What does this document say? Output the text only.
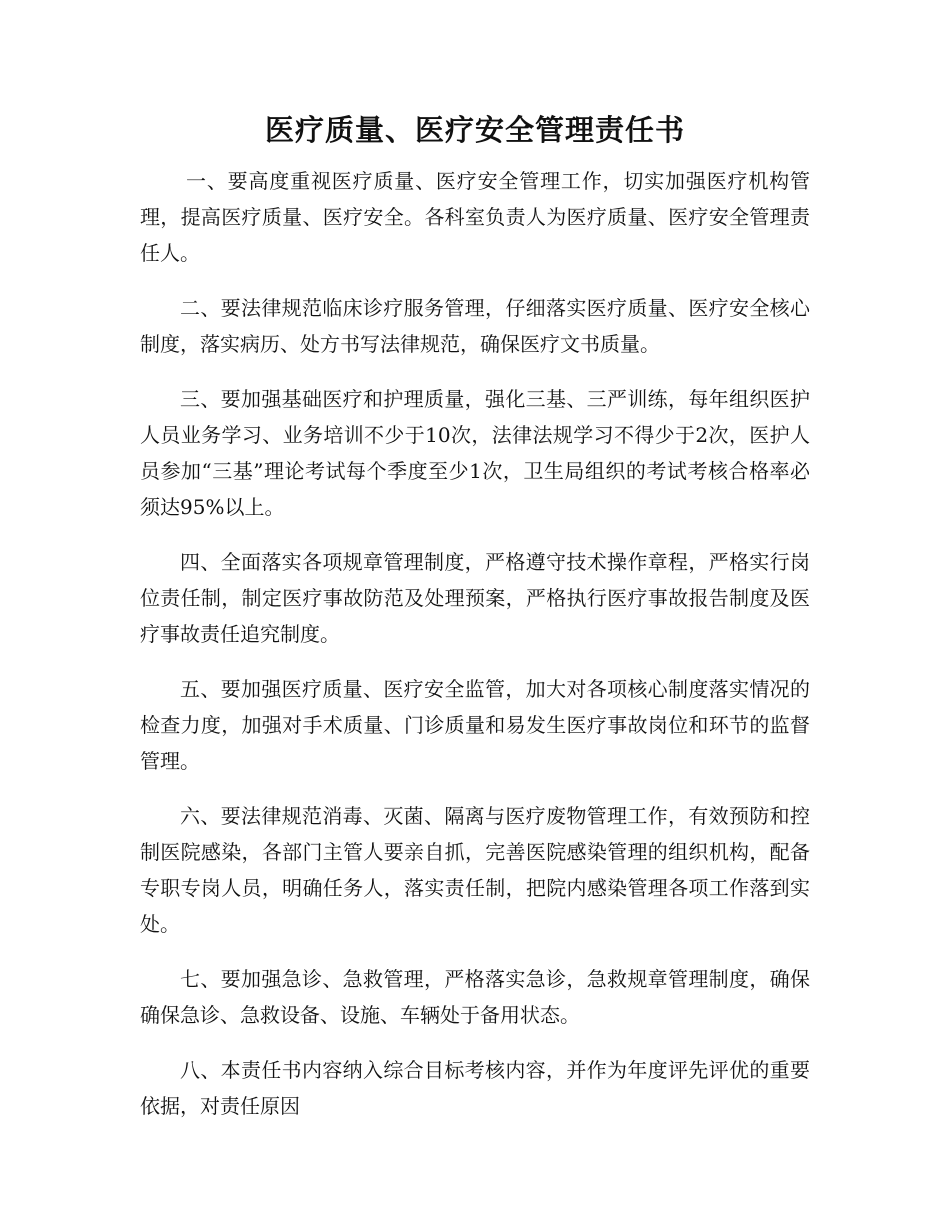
医疗质量、医疗安全管理责任书

一、要高度重视医疗质量、医疗安全管理工作，切实加强医疗机构管理，提高医疗质量、医疗安全。各科室负责人为医疗质量、医疗安全管理责任人。

二、要法律规范临床诊疗服务管理，仔细落实医疗质量、医疗安全核心制度，落实病历、处方书写法律规范，确保医疗文书质量。

三、要加强基础医疗和护理质量，强化三基、三严训练，每年组织医护人员业务学习、业务培训不少于10次，法律法规学习不得少于2次，医护人员参加“三基”理论考试每个季度至少1次，卫生局组织的考试考核合格率必须达95%以上。

四、全面落实各项规章管理制度，严格遵守技术操作章程，严格实行岗位责任制，制定医疗事故防范及处理预案，严格执行医疗事故报告制度及医疗事故责任追究制度。

五、要加强医疗质量、医疗安全监管，加大对各项核心制度落实情况的检查力度，加强对手术质量、门诊质量和易发生医疗事故岗位和环节的监督管理。

六、要法律规范消毒、灭菌、隔离与医疗废物管理工作，有效预防和控制医院感染，各部门主管人要亲自抓，完善医院感染管理的组织机构，配备专职专岗人员，明确任务人，落实责任制，把院内感染管理各项工作落到实处。

七、要加强急诊、急救管理，严格落实急诊，急救规章管理制度，确保确保急诊、急救设备、设施、车辆处于备用状态。

八、本责任书内容纳入综合目标考核内容，并作为年度评先评优的重要依据，对责任原因
